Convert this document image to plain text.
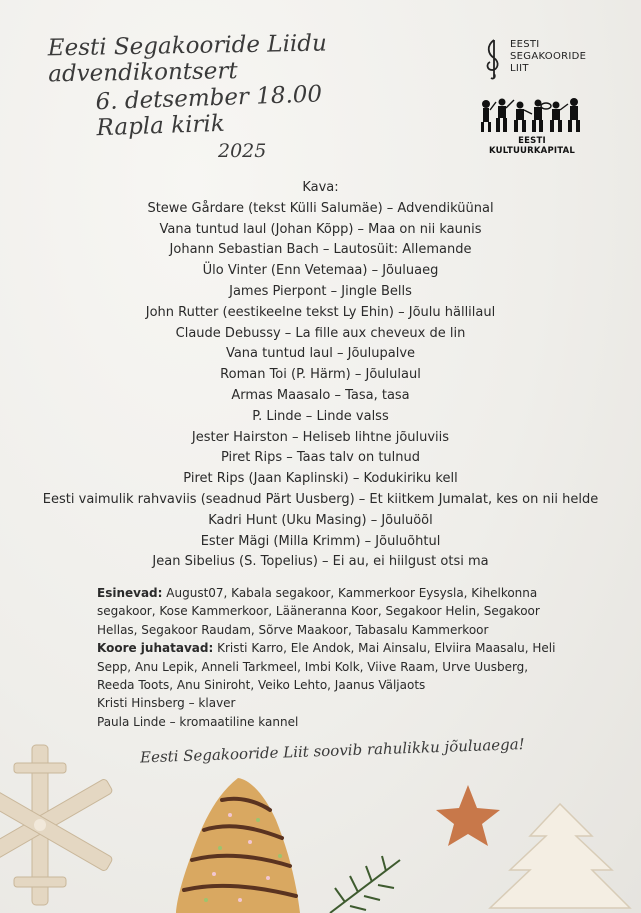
Eesti Segakooride Liidu advendikontsert
6. detsember 18.00 Rapla kirik
2025
EESTI
SEGAKOORIDE
LIIT
EESTI KULTUURKAPITAL
Kava:
Stewe Gårdare (tekst Külli Salumäe) – Advendiküünal
Vana tuntud laul (Johan Kõpp) – Maa on nii kaunis
Johann Sebastian Bach – Lautosüit: Allemande
Ülo Vinter (Enn Vetemaa) – Jõuluaeg
James Pierpont – Jingle Bells
John Rutter (eestikeelne tekst Ly Ehin) – Jõulu hällilaul
Claude Debussy – La fille aux cheveux de lin
Vana tuntud laul – Jõulupalve
Roman Toi (P. Härm) – Jõululaul
Armas Maasalo – Tasa, tasa
P. Linde – Linde valss
Jester Hairston – Heliseb lihtne jõuluviis
Piret Rips – Taas talv on tulnud
Piret Rips (Jaan Kaplinski) – Kodukiriku kell
Eesti vaimulik rahvaviis (seadnud Pärt Uusberg) – Et kiitkem Jumalat, kes on nii helde
Kadri Hunt (Uku Masing) – Jõuluöõl
Ester Mägi (Milla Krimm) – Jõuluõhtul
Jean Sibelius (S. Topelius) – Ei au, ei hiilgust otsi ma
Esinevad: August07, Kabala segakoor, Kammerkoor Eysysla, Kihelkonna segakoor, Kose Kammerkoor, Lääneranna Koor, Segakoor Helin, Segakoor Hellas, Segakoor Raudam, Sõrve Maakoor, Tabasalu Kammerkoor
Koore juhatavad: Kristi Karro, Ele Andok, Mai Ainsalu, Elviira Maasalu, Heli Sepp, Anu Lepik, Anneli Tarkmeel, Imbi Kolk, Viive Raam, Urve Uusberg, Reeda Toots, Anu Siniroht, Veiko Lehto, Jaanus Väljaots
Kristi Hinsberg – klaver
Paula Linde – kromaatiline kannel
Eesti Segakooride Liit soovib rahulikku jõuluaega!
